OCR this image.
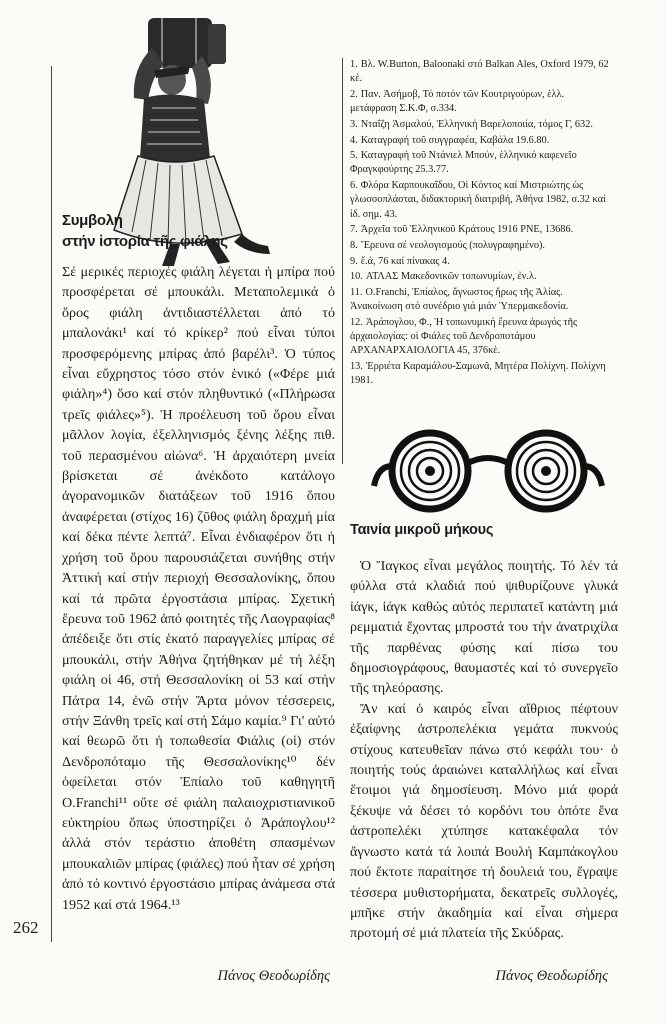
Συμβολή
στήν ἱστορία τῆς φιάλης

Σέ μερικές περιοχές φιάλη λέγεται ἡ μπίρα πού προσφέρεται σέ μπουκάλι. Μεταπολεμικά ὁ ὅρος φιάλη ἀντιδιαστέλλεται ἀπό τό μπαλονάκι¹ καί τό κρίκερ² πού εἶναι τύποι προσφερόμενης μπίρας ἀπό βαρέλι³. Ὁ τύπος εἶναι εὔχρηστος τόσο στόν ἑνικό («Φέρε μιά φιάλη»⁴) ὅσο καί στόν πληθυντικό («Πλήρωσα τρεῖς φιάλες»⁵). Ἡ προέλευση τοῦ ὅρου εἶναι μᾶλλον λογία, ἐξελληνισμός ξένης λέξης πιθ. τοῦ περασμένου αἰώνα⁶. Ἡ ἀρχαιότερη μνεία βρίσκεται σέ ἀνέκδοτο κατάλογο ἀγορανομικῶν διατάξεων τοῦ 1916 ὅπου ἀναφέρεται (στίχος 16) ζῦθος φιάλη δραχμή μία καί δέκα πέντε λεπτά⁷. Εἶναι ἐνδιαφέρον ὅτι ἡ χρήση τοῦ ὅρου παρουσιάζεται συνήθης στήν Ἀττική καί στήν περιοχή Θεσσαλονίκης, ὅπου καί τά πρῶτα ἐργοστάσια μπίρας. Σχετική ἔρευνα τοῦ 1962 ἀπό φοιτητές τῆς Λαογραφίας⁸ ἀπέδειξε ὅτι στίς ἑκατό παραγγελίες μπίρας σέ μπουκάλι, στήν Ἀθήνα ζητήθηκαν μέ τή λέξη φιάλη οἱ 46, στή Θεσσαλονίκη οἱ 53 καί στήν Πάτρα 14, ἐνῶ στήν Ἄρτα μόνον τέσσερεις, στήν Ξάνθη τρεῖς καί στή Σάμο καμία.⁹ Γι' αὐτό καί θεωρῶ ὅτι ἡ τοπωθεσία Φιάλις (οἱ) στόν Δενδροπόταμο τῆς Θεσσαλονίκης¹⁰ δέν ὀφείλεται στόν Ἐπίαλο τοῦ καθηγητῆ O.Franchi¹¹ οὔτε σέ φιάλη παλαιοχριστιανικοῦ εὐκτηρίου ὅπως ὑποστηρίζει ὁ Ἀράπογλου¹² ἀλλά στόν τεράστιο ἀποθέτη σπασμένων μπουκαλιῶν μπίρας (φιάλες) πού ἦταν σέ χρήση ἀπό τό κοντινό ἐργοστάσιο μπίρας ἀνάμεσα στά 1952 καί στά 1964.¹³

Πάνος Θεοδωρίδης
262
1. Βλ. W.Burton, Baloonaki στό Balkan Ales, Oxford 1979, 62 κἑ.
2. Παν. Ἀσήμοβ, Τό ποτόν τῶν Κουτριγούρων, ἑλλ. μετάφραση Σ.Κ.Φ, σ.334.
3. Νταΐζη Ἀσμαλού, Ἑλληνική Βαρελοποιία, τόμος Γ, 632.
4. Καταγραφή τοῦ συγγραφέα, Καβάλα 19.6.80.
5. Καταγραφή τοῦ Ντάνιελ Μπούν, ἑλληνικό καφενεῖο Φραγκφούρτης 25.3.77.
6. Φλόρα Καρπουκαΐδου, Οἱ Κόντος καί Μιστριώτης ὡς γλωσσοπλάσται, διδακτορική διατριβή, Ἀθήνα 1982, σ.32 καί ἰδ. σημ. 43.
7. Ἀρχεῖα τοῦ Ἑλληνικοῦ Κράτους 1916 PNE, 13686.
8. Ἔρευνα σέ νεολογισμούς (πολυγραφημένο).
9. ἔ.ἀ, 76 καί πίνακας 4.
10. ΑΤΛΑΣ Μακεδονικῶν τοπωνυμίων, ἐν.λ.
11. O.Franchi, Ἐπίαλος, ἄγνωστος ἥρως τῆς Ἀλίας. Ἀνακοίνωση στό συνέδριο γιά μιάν Ὑπερμακεδονία.
12. Ἀράπογλου, Φ., Ἡ τοπωνυμική ἔρευνα ἀρωγός τῆς ἀρχαιολογίας: οἱ Φιάλες τοῦ Δενδροποτάμου ΑΡΧΑΝΑΡΧΑΙΟΛΟΓΙΑ 45, 376κἑ.
13. Ἐρριέτα Καραμάλου-Σαμωνᾶ, Μητέρα Πολίχνη. Πολίχνη 1981.
Ταινία μικροῦ μήκους

Ὁ Ἴαγκος εἶναι μεγάλος ποιητής. Τό λέν τά φύλλα στά κλαδιά πού ψιθυρίζουνε γλυκά ἰάγκ, ἰάγκ καθώς αὐτός περιπατεῖ κατάντη μιά ρεμματιά ἔχοντας μπροστά του τήν ἀνατριχίλα τῆς παρθένας φύσης καί πίσω του δημοσιογράφους, θαυμαστές καί τό συνεργεῖο τῆς τηλεόρασης.

Ἄν καί ὁ καιρός εἶναι αἴθριος πέφτουν ἐξαίφνης ἀστροπελέκια γεμάτα πυκνούς στίχους κατευθεῖαν πάνω στό κεφάλι του· ὁ ποιητής τούς ἀραιώνει καταλλήλως καί εἶναι ἕτοιμοι γιά δημοσίευση. Μόνο μιά φορά ξέκυψε νά δέσει τό κορδόνι του ὁπότε ἕνα ἀστροπελέκι χτύπησε κατακέφαλα τόν ἄγνωστο κατά τά λοιπά Βουλή Καμπάκογλου πού ἔκτοτε παραίτησε τή δουλειά του, ἔγραψε τέσσερα μυθιστορήματα, δεκατρεῖς συλλογές, μπῆκε στήν ἀκαδημία καί εἶναι σήμερα προτομή σέ μιά πλατεία τῆς Σκύδρας.

Πάνος Θεοδωρίδης
